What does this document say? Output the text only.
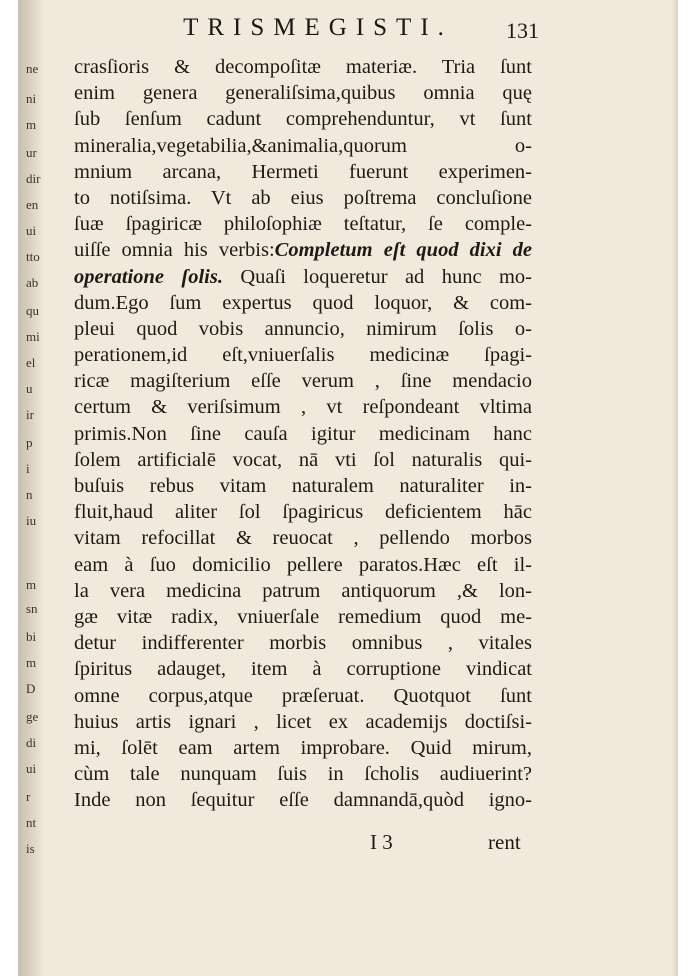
TRISMEGISTI.	131
crasſioris & decompoſitæ materiæ. Tria ſunt
enim genera generaliſsima,quibus omnia quę
ſub ſenſum cadunt comprehenduntur, vt ſunt
mineralia,vegetabilia,&animalia,quorum o-
mnium arcana, Hermeti fuerunt experimen-
to notiſsima. Vt ab eius poſtrema concluſione
ſuæ ſpagiricæ philoſophiæ teſtatur, ſe comple-
uiſſe omnia his verbis:Completum eſt quod dixi de
operatione ſolis. Quaſi loqueretur ad hunc mo-
dum.Ego ſum expertus quod loquor, & com-
pleui quod vobis annuncio, nimirum ſolis o-
perationem,id eſt,vniuerſalis medicinæ ſpagi-
ricæ magiſterium eſſe verum , ſine mendacio
certum & veriſsimum , vt reſpondeant vltima
primis.Non ſine cauſa igitur medicinam hanc
ſolem artificialē vocat, nā vti ſol naturalis qui-
buſuis rebus vitam naturalem naturaliter in-
fluit,haud aliter ſol ſpagiricus deficientem hāc
vitam refocillat & reuocat , pellendo morbos
eam à ſuo domicilio pellere paratos.Hæc eſt il-
la vera medicina patrum antiquorum ,& lon-
gæ vitæ radix, vniuerſale remedium quod me-
detur indifferenter morbis omnibus , vitales
ſpiritus adauget, item à corruptione vindicat
omne corpus,atque præſeruat. Quotquot ſunt
huius artis ignari , licet ex academijs doctiſsi-
mi, ſolēt eam artem improbare. Quid mirum,
cùm tale nunquam ſuis in ſcholis audiuerint?
Inde non ſequitur eſſe damnandā,quòd igno-
I 3	rent
ne
ni
m
ur
dir
en
ui
tto
ab
qu
mi
el
u
ir
p
i
n
iu
m
sn
bi
m
D
ge
di
ui
r
nt
is
